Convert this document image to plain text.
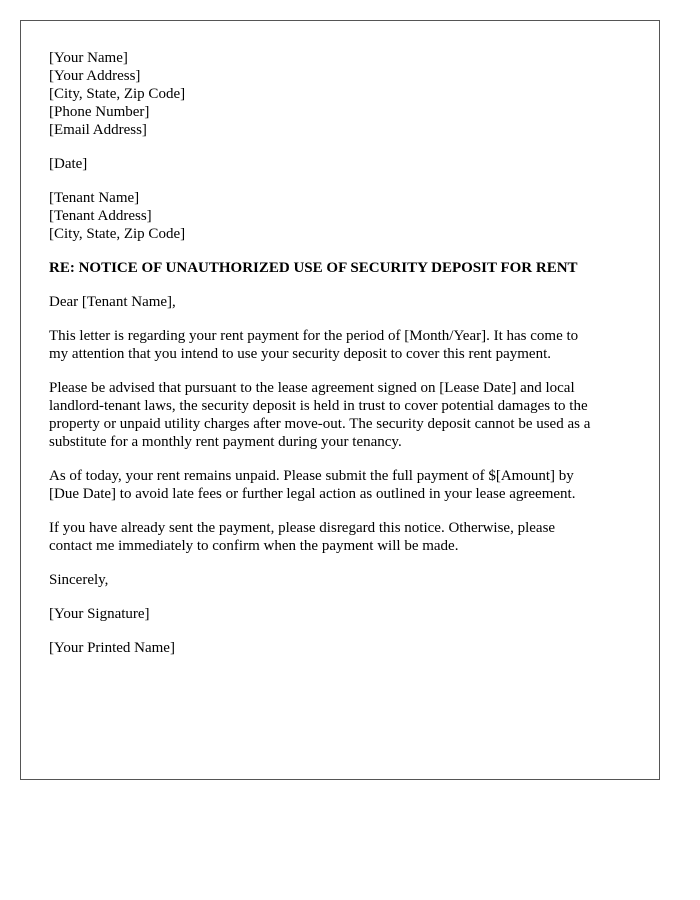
[Your Name]
[Your Address]
[City, State, Zip Code]
[Phone Number]
[Email Address]
[Date]
[Tenant Name]
[Tenant Address]
[City, State, Zip Code]
RE: NOTICE OF UNAUTHORIZED USE OF SECURITY DEPOSIT FOR RENT
Dear [Tenant Name],
This letter is regarding your rent payment for the period of [Month/Year]. It has come to
my attention that you intend to use your security deposit to cover this rent payment.
Please be advised that pursuant to the lease agreement signed on [Lease Date] and local
landlord-tenant laws, the security deposit is held in trust to cover potential damages to the
property or unpaid utility charges after move-out. The security deposit cannot be used as a
substitute for a monthly rent payment during your tenancy.
As of today, your rent remains unpaid. Please submit the full payment of $[Amount] by
[Due Date] to avoid late fees or further legal action as outlined in your lease agreement.
If you have already sent the payment, please disregard this notice. Otherwise, please
contact me immediately to confirm when the payment will be made.
Sincerely,
[Your Signature]
[Your Printed Name]
